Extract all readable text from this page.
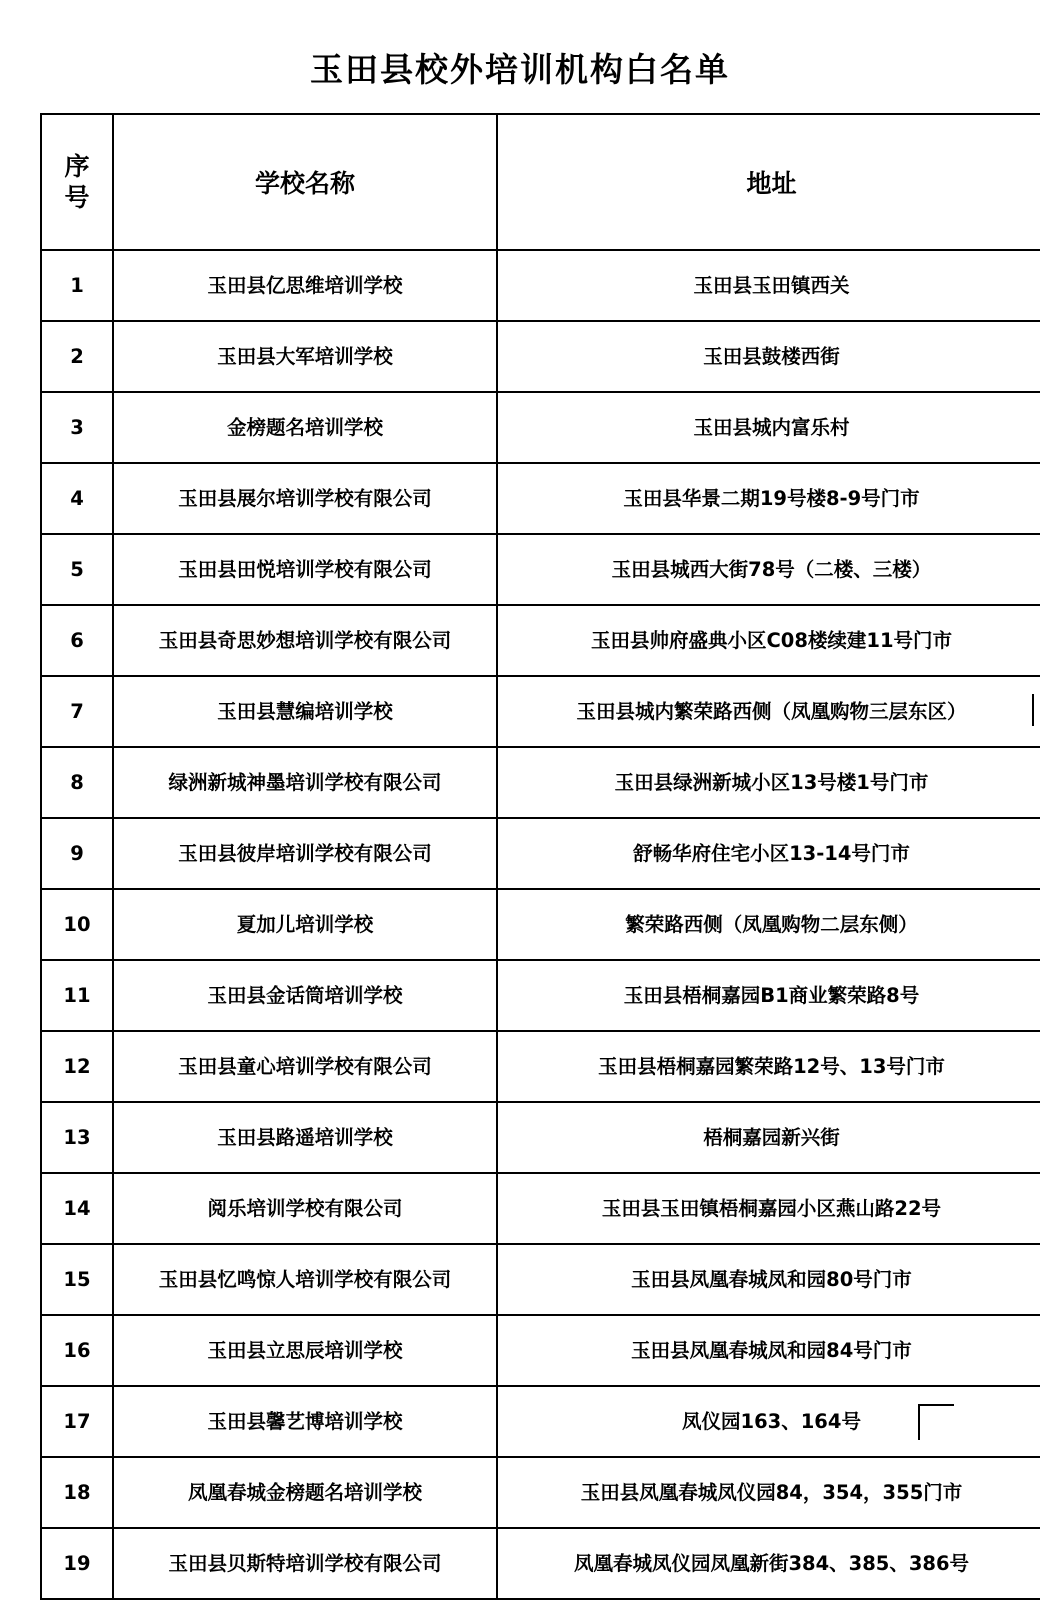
玉田县校外培训机构白名单
序
号	学校名称	地址
1	玉田县亿思维培训学校	玉田县玉田镇西关
2	玉田县大军培训学校	玉田县鼓楼西街
3	金榜题名培训学校	玉田县城内富乐村
4	玉田县展尔培训学校有限公司	玉田县华景二期19号楼8-9号门市
5	玉田县田悦培训学校有限公司	玉田县城西大街78号（二楼、三楼）
6	玉田县奇思妙想培训学校有限公司	玉田县帅府盛典小区C08楼续建11号门市
7	玉田县慧编培训学校	玉田县城内繁荣路西侧（凤凰购物三层东区）
8	绿洲新城神墨培训学校有限公司	玉田县绿洲新城小区13号楼1号门市
9	玉田县彼岸培训学校有限公司	舒畅华府住宅小区13-14号门市
10	夏加儿培训学校	繁荣路西侧（凤凰购物二层东侧）
11	玉田县金话筒培训学校	玉田县梧桐嘉园B1商业繁荣路8号
12	玉田县童心培训学校有限公司	玉田县梧桐嘉园繁荣路12号、13号门市
13	玉田县路遥培训学校	梧桐嘉园新兴街
14	阅乐培训学校有限公司	玉田县玉田镇梧桐嘉园小区燕山路22号
15	玉田县忆鸣惊人培训学校有限公司	玉田县凤凰春城凤和园80号门市
16	玉田县立思辰培训学校	玉田县凤凰春城凤和园84号门市
17	玉田县馨艺博培训学校	凤仪园163、164号
18	凤凰春城金榜题名培训学校	玉田县凤凰春城凤仪园84，354，355门市
19	玉田县贝斯特培训学校有限公司	凤凰春城凤仪园凤凰新街384、385、386号
